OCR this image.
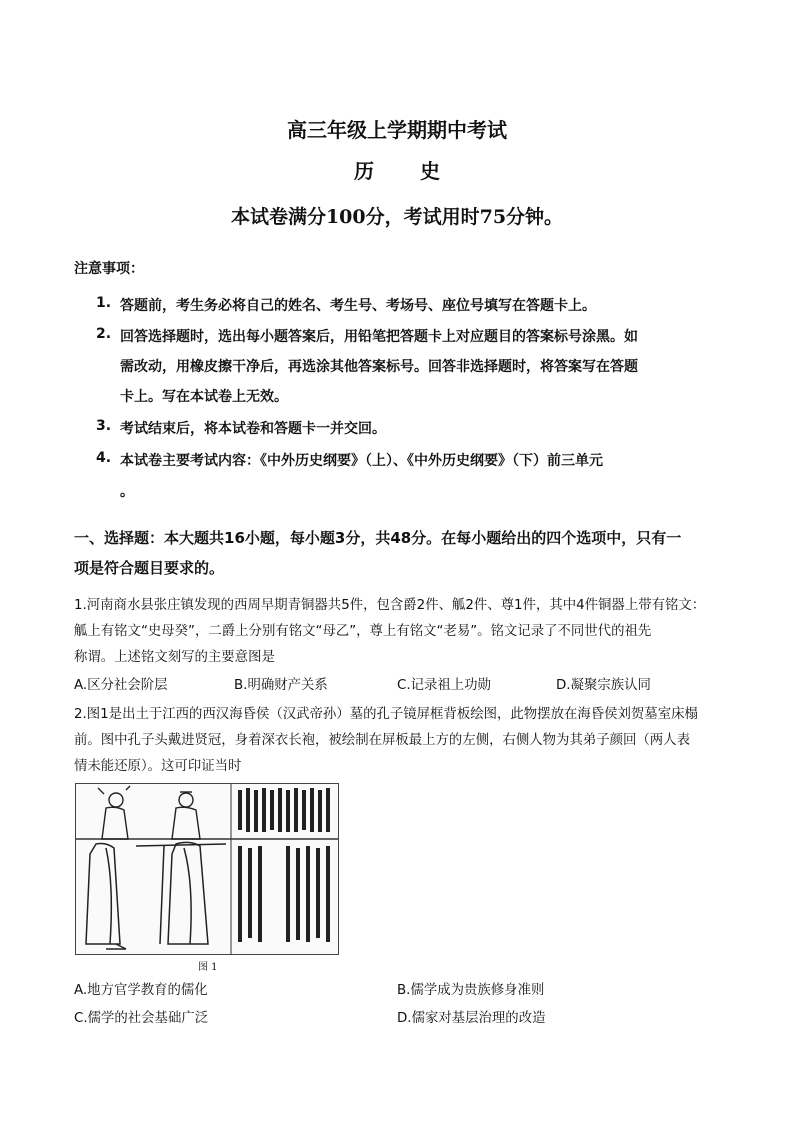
高三年级上学期期中考试
历史
本试卷满分100分，考试用时75分钟。
注意事项：
1. 答题前，考生务必将自己的姓名、考生号、考场号、座位号填写在答题卡上。
2. 回答选择题时，选出每小题答案后，用铅笔把答题卡上对应题目的答案标号涂黑。如
需改动，用橡皮擦干净后，再选涂其他答案标号。回答非选择题时，将答案写在答题
卡上。写在本试卷上无效。
3. 考试结束后，将本试卷和答题卡一并交回。
4. 本试卷主要考试内容：《中外历史纲要》（上）、《中外历史纲要》（下）前三单元
。
一、选择题：本大题共16小题，每小题3分，共48分。在每小题给出的四个选项中，只有一
项是符合题目要求的。
1.河南商水县张庄镇发现的西周早期青铜器共5件，包含爵2件、觚2件、尊1件，其中4件铜器上带有铭文：
觚上有铭文“史母癸”，二爵上分别有铭文“母乙”，尊上有铭文“老易”。铭文记录了不同世代的祖先
称谓。上述铭文刻写的主要意图是
A.区分社会阶层	B.明确财产关系	C.记录祖上功勋	D.凝聚宗族认同
2.图1是出土于江西的西汉海昏侯（汉武帝孙）墓的孔子镜屏框背板绘图，此物摆放在海昏侯刘贺墓室床榻
前。图中孔子头戴进贤冠，身着深衣长袍，被绘制在屏板最上方的左侧，右侧人物为其弟子颜回（两人表
情未能还原）。这可印证当时
图 1
A.地方官学教育的儒化	B.儒学成为贵族修身准则
C.儒学的社会基础广泛	D.儒家对基层治理的改造
